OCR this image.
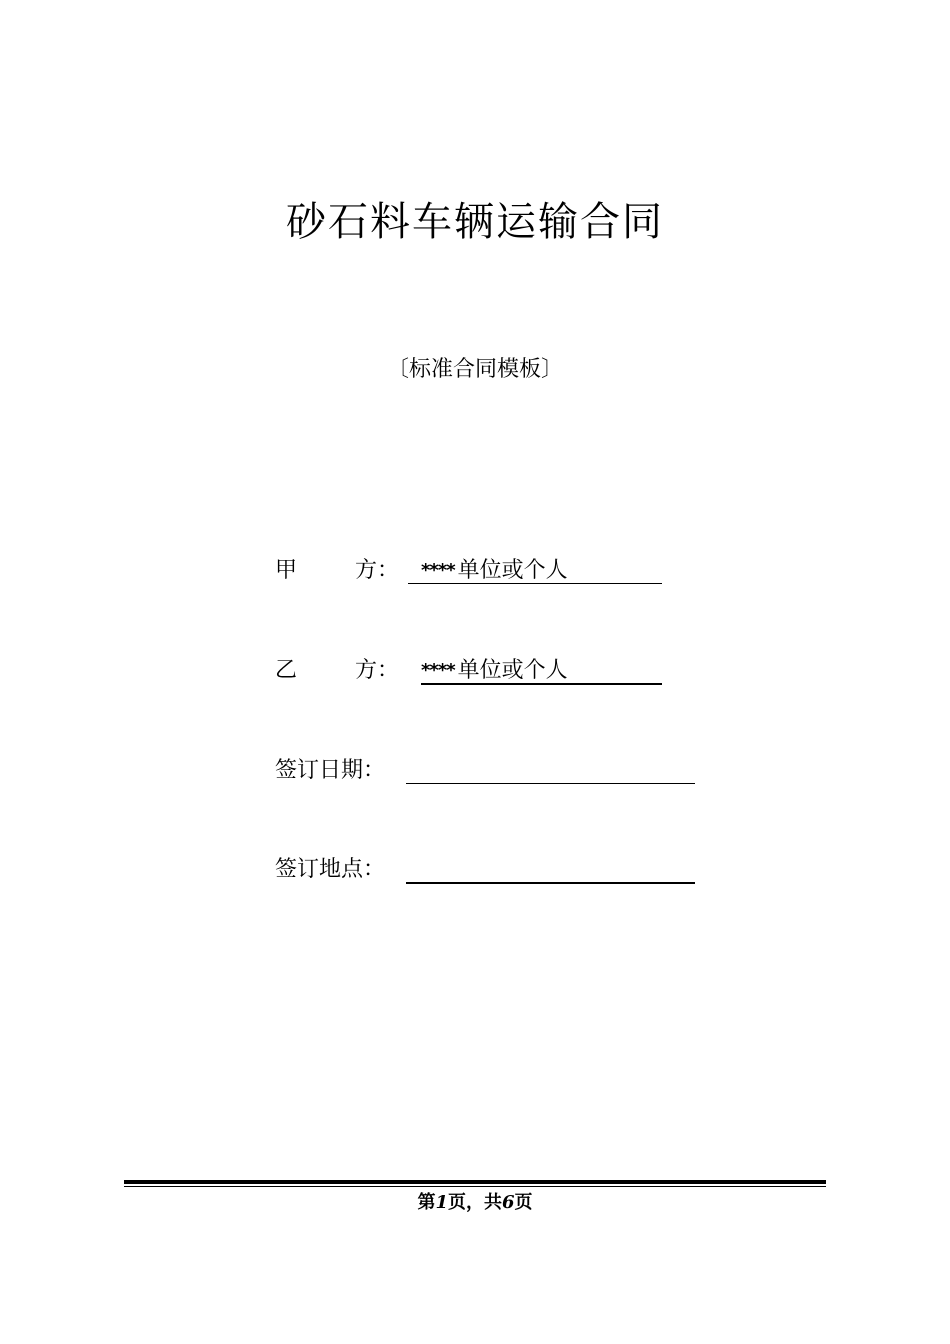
砂石料车辆运输合同
〔标准合同模板〕
甲	方： **** 单位或个人
乙	方： **** 单位或个人
签订日期：
签订地点：
第1页，共6页
